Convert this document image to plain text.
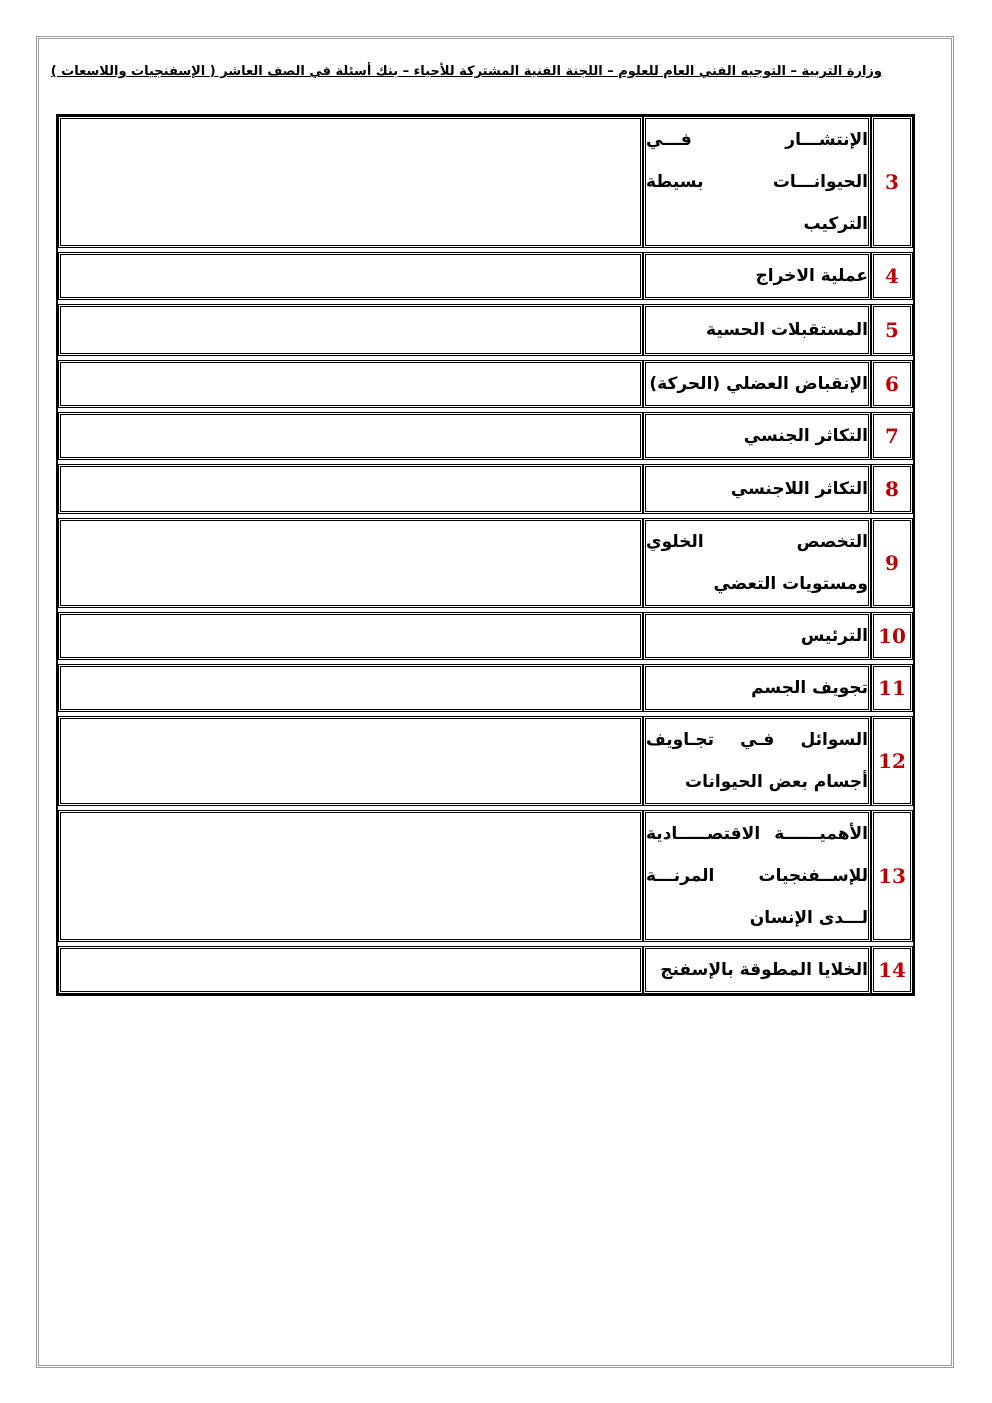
وزارة التربية – التوجيه الفني العام للعلوم – اللجنة الفنية المشتركة للأحياء – بنك أسئلة في الصف العاشر ( الإسفنجيات واللاسعات )
3	الإنتشـــار فـــي الحيوانـــات بسيطة التركيب	

4	عملية الاخراج	

5	المستقبلات الحسية	

6	الإنقباض العضلي (الحركة)	

7	التكاثر الجنسي	

8	التكاثر اللاجنسي	

9	التخصص الخلوي ومستويات التعضي	

10	الترئيس	

11	تجويف الجسم	

12	السوائل فـي تجـاويف أجسام بعض الحيوانات	

13	الأهميــــــة الاقتصـــــادية للإســفنجيات المرنـــة لـــدى الإنسان	

14	الخلايا المطوقة بالإسفنج	
